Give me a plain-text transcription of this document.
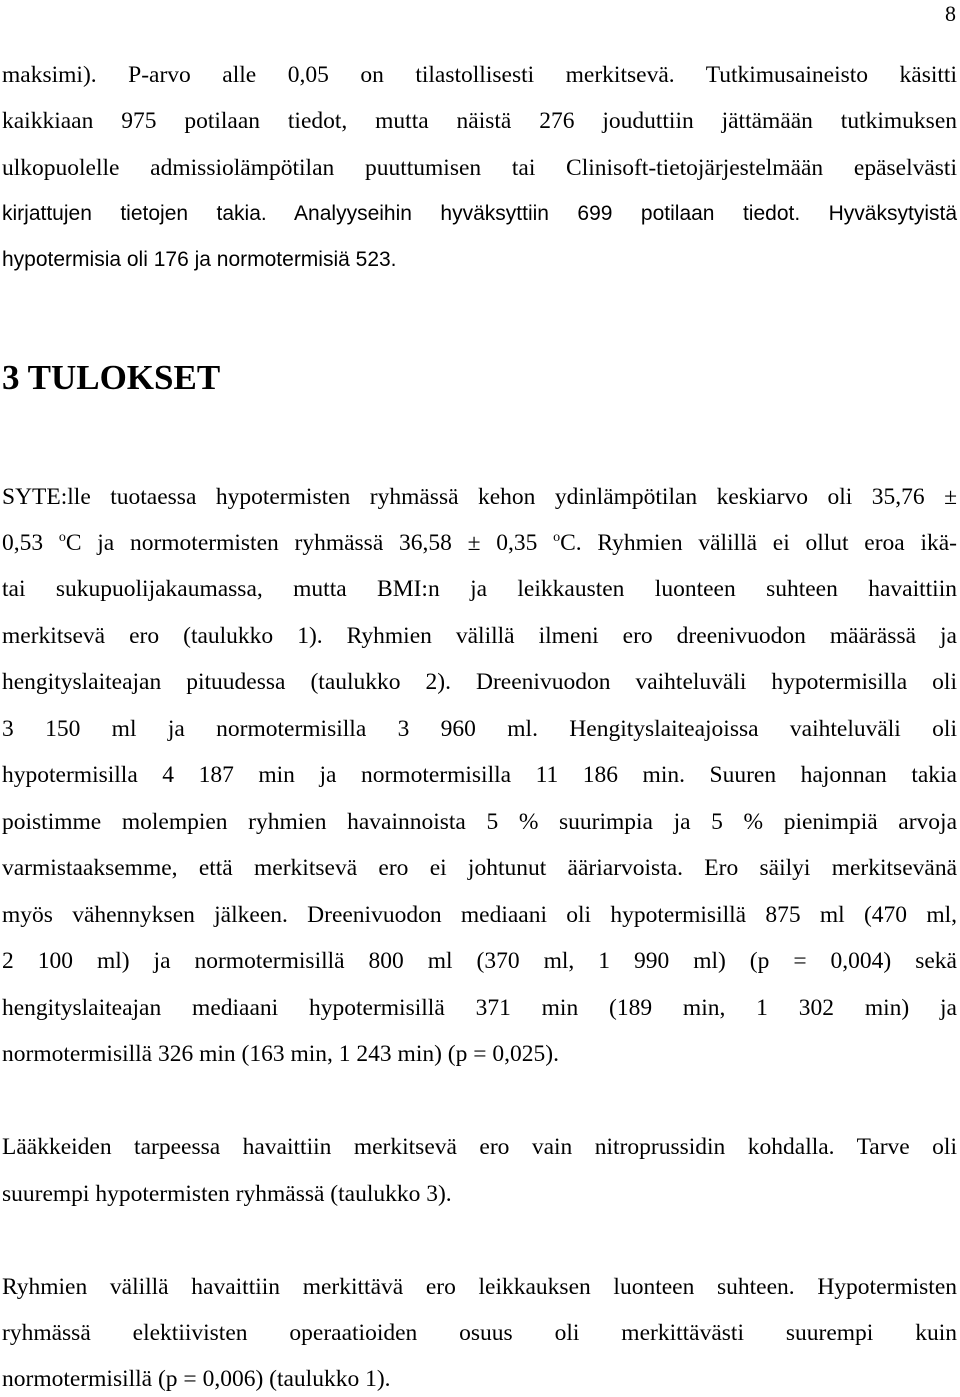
8
maksimi). P-arvo alle 0,05 on tilastollisesti merkitsevä. Tutkimusaineisto käsitti
kaikkiaan 975 potilaan tiedot, mutta näistä 276 jouduttiin jättämään tutkimuksen
ulkopuolelle admissiolämpötilan puuttumisen tai Clinisoft-tietojärjestelmään epäselvästi
kirjattujen tietojen takia. Analyyseihin hyväksyttiin 699 potilaan tiedot. Hyväksytyistä
hypotermisia oli 176 ja normotermisiä 523.
3 TULOKSET
SYTE:lle tuotaessa hypotermisten ryhmässä kehon ydinlämpötilan keskiarvo oli 35,76 ±
0,53 $^o$C ja normotermisten ryhmässä 36,58 ± 0,35 $^o$C. Ryhmien välillä ei ollut eroa ikä-
tai sukupuolijakaumassa, mutta BMI:n ja leikkausten luonteen suhteen havaittiin
merkitsevä ero (taulukko 1). Ryhmien välillä ilmeni ero dreenivuodon määrässä ja
hengityslaiteajan pituudessa (taulukko 2). Dreenivuodon vaihteluväli hypotermisilla oli
3 150 ml ja normotermisilla 3 960 ml. Hengityslaiteajoissa vaihteluväli oli
hypotermisilla 4 187 min ja normotermisilla 11 186 min. Suuren hajonnan takia
poistimme molempien ryhmien havainnoista 5 % suurimpia ja 5 % pienimpiä arvoja
varmistaaksemme, että merkitsevä ero ei johtunut ääriarvoista. Ero säilyi merkitsevänä
myös vähennyksen jälkeen. Dreenivuodon mediaani oli hypotermisillä 875 ml (470 ml,
2 100 ml) ja normotermisillä 800 ml (370 ml, 1 990 ml) (p = 0,004) sekä
hengityslaiteajan mediaani hypotermisillä 371 min (189 min, 1 302 min) ja
normotermisillä 326 min (163 min, 1 243 min) (p = 0,025).
Lääkkeiden tarpeessa havaittiin merkitsevä ero vain nitroprussidin kohdalla. Tarve oli
suurempi hypotermisten ryhmässä (taulukko 3).
Ryhmien välillä havaittiin merkittävä ero leikkauksen luonteen suhteen. Hypotermisten
ryhmässä elektiivisten operaatioiden osuus oli merkittävästi suurempi kuin
normotermisillä (p = 0,006) (taulukko 1).
